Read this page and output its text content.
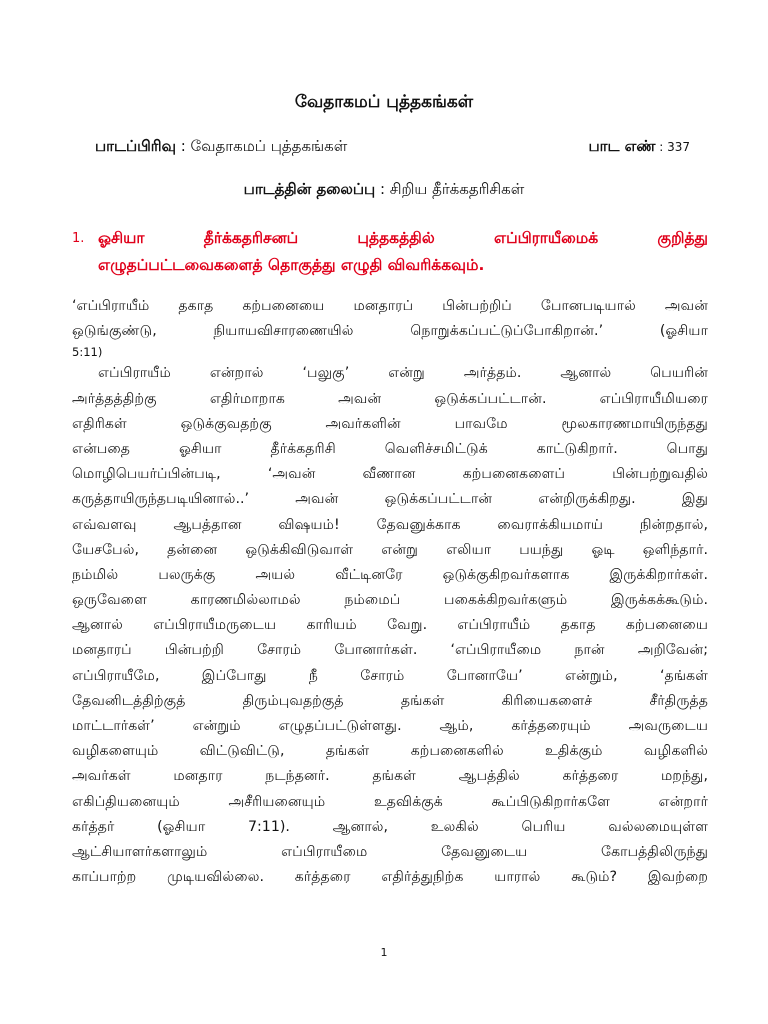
வேதாகமப் புத்தகங்கள்
பாடப்பிரிவு : வேதாகமப் புத்தகங்கள்	பாட எண் : 337
பாடத்தின் தலைப்பு : சிறிய தீர்க்கதரிசிகள்
1. ஓசியா தீர்க்கதரிசனப் புத்தகத்தில் எப்பிராயீமைக் குறித்து
எழுதப்பட்டவைகளைத் தொகுத்து எழுதி விவரிக்கவும்.
‘எப்பிராயீம் தகாத கற்பனையை மனதாரப் பின்பற்றிப் போனபடியால் அவன்
ஒடுங்குண்டு, நியாயவிசாரணையில் நொறுக்கப்பட்டுப்போகிறான்.’ (ஓசியா
5:11)
எப்பிராயீம் என்றால் ‘பலுகு’ என்று அர்த்தம். ஆனால் பெயரின்
அர்த்தத்திற்கு எதிர்மாறாக அவன் ஒடுக்கப்பட்டான். எப்பிராயீமியரை
எதிரிகள் ஒடுக்குவதற்கு அவர்களின் பாவமே மூலகாரணமாயிருந்தது
என்பதை ஓசியா தீர்க்கதரிசி வெளிச்சமிட்டுக் காட்டுகிறார். பொது
மொழிபெயர்ப்பின்படி, ‘அவன் வீணான கற்பனைகளைப் பின்பற்றுவதில்
கருத்தாயிருந்தபடியினால்..’ அவன் ஒடுக்கப்பட்டான் என்றிருக்கிறது. இது
எவ்வளவு ஆபத்தான விஷயம்! தேவனுக்காக வைராக்கியமாய் நின்றதால்,
யேசபேல், தன்னை ஒடுக்கிவிடுவாள் என்று எலியா பயந்து ஓடி ஒளிந்தார்.
நம்மில் பலருக்கு அயல் வீட்டினரே ஒடுக்குகிறவர்களாக இருக்கிறார்கள்.
ஒருவேளை காரணமில்லாமல் நம்மைப் பகைக்கிறவர்களும் இருக்கக்கூடும்.
ஆனால் எப்பிராயீமருடைய காரியம் வேறு. எப்பிராயீம் தகாத கற்பனையை
மனதாரப் பின்பற்றி சோரம் போனார்கள். ‘எப்பிராயீமை நான் அறிவேன்;
எப்பிராயீமே, இப்போது நீ சோரம் போனாயே’ என்றும், ‘தங்கள்
தேவனிடத்திற்குத் திரும்புவதற்குத் தங்கள் கிரியைகளைச் சீர்திருத்த
மாட்டார்கள்’ என்றும் எழுதப்பட்டுள்ளது. ஆம், கர்த்தரையும் அவருடைய
வழிகளையும் விட்டுவிட்டு, தங்கள் கற்பனைகளில் உதிக்கும் வழிகளில்
அவர்கள் மனதார நடந்தனர். தங்கள் ஆபத்தில் கர்த்தரை மறந்து,
எகிப்தியனையும் அசீரியனையும் உதவிக்குக் கூப்பிடுகிறார்களே என்றார்
கர்த்தர் (ஓசியா 7:11). ஆனால், உலகில் பெரிய வல்லமையுள்ள
ஆட்சியாளர்களாலும் எப்பிராயீமை தேவனுடைய கோபத்திலிருந்து
காப்பாற்ற முடியவில்லை. கர்த்தரை எதிர்த்துநிற்க யாரால் கூடும்? இவற்றை
1
